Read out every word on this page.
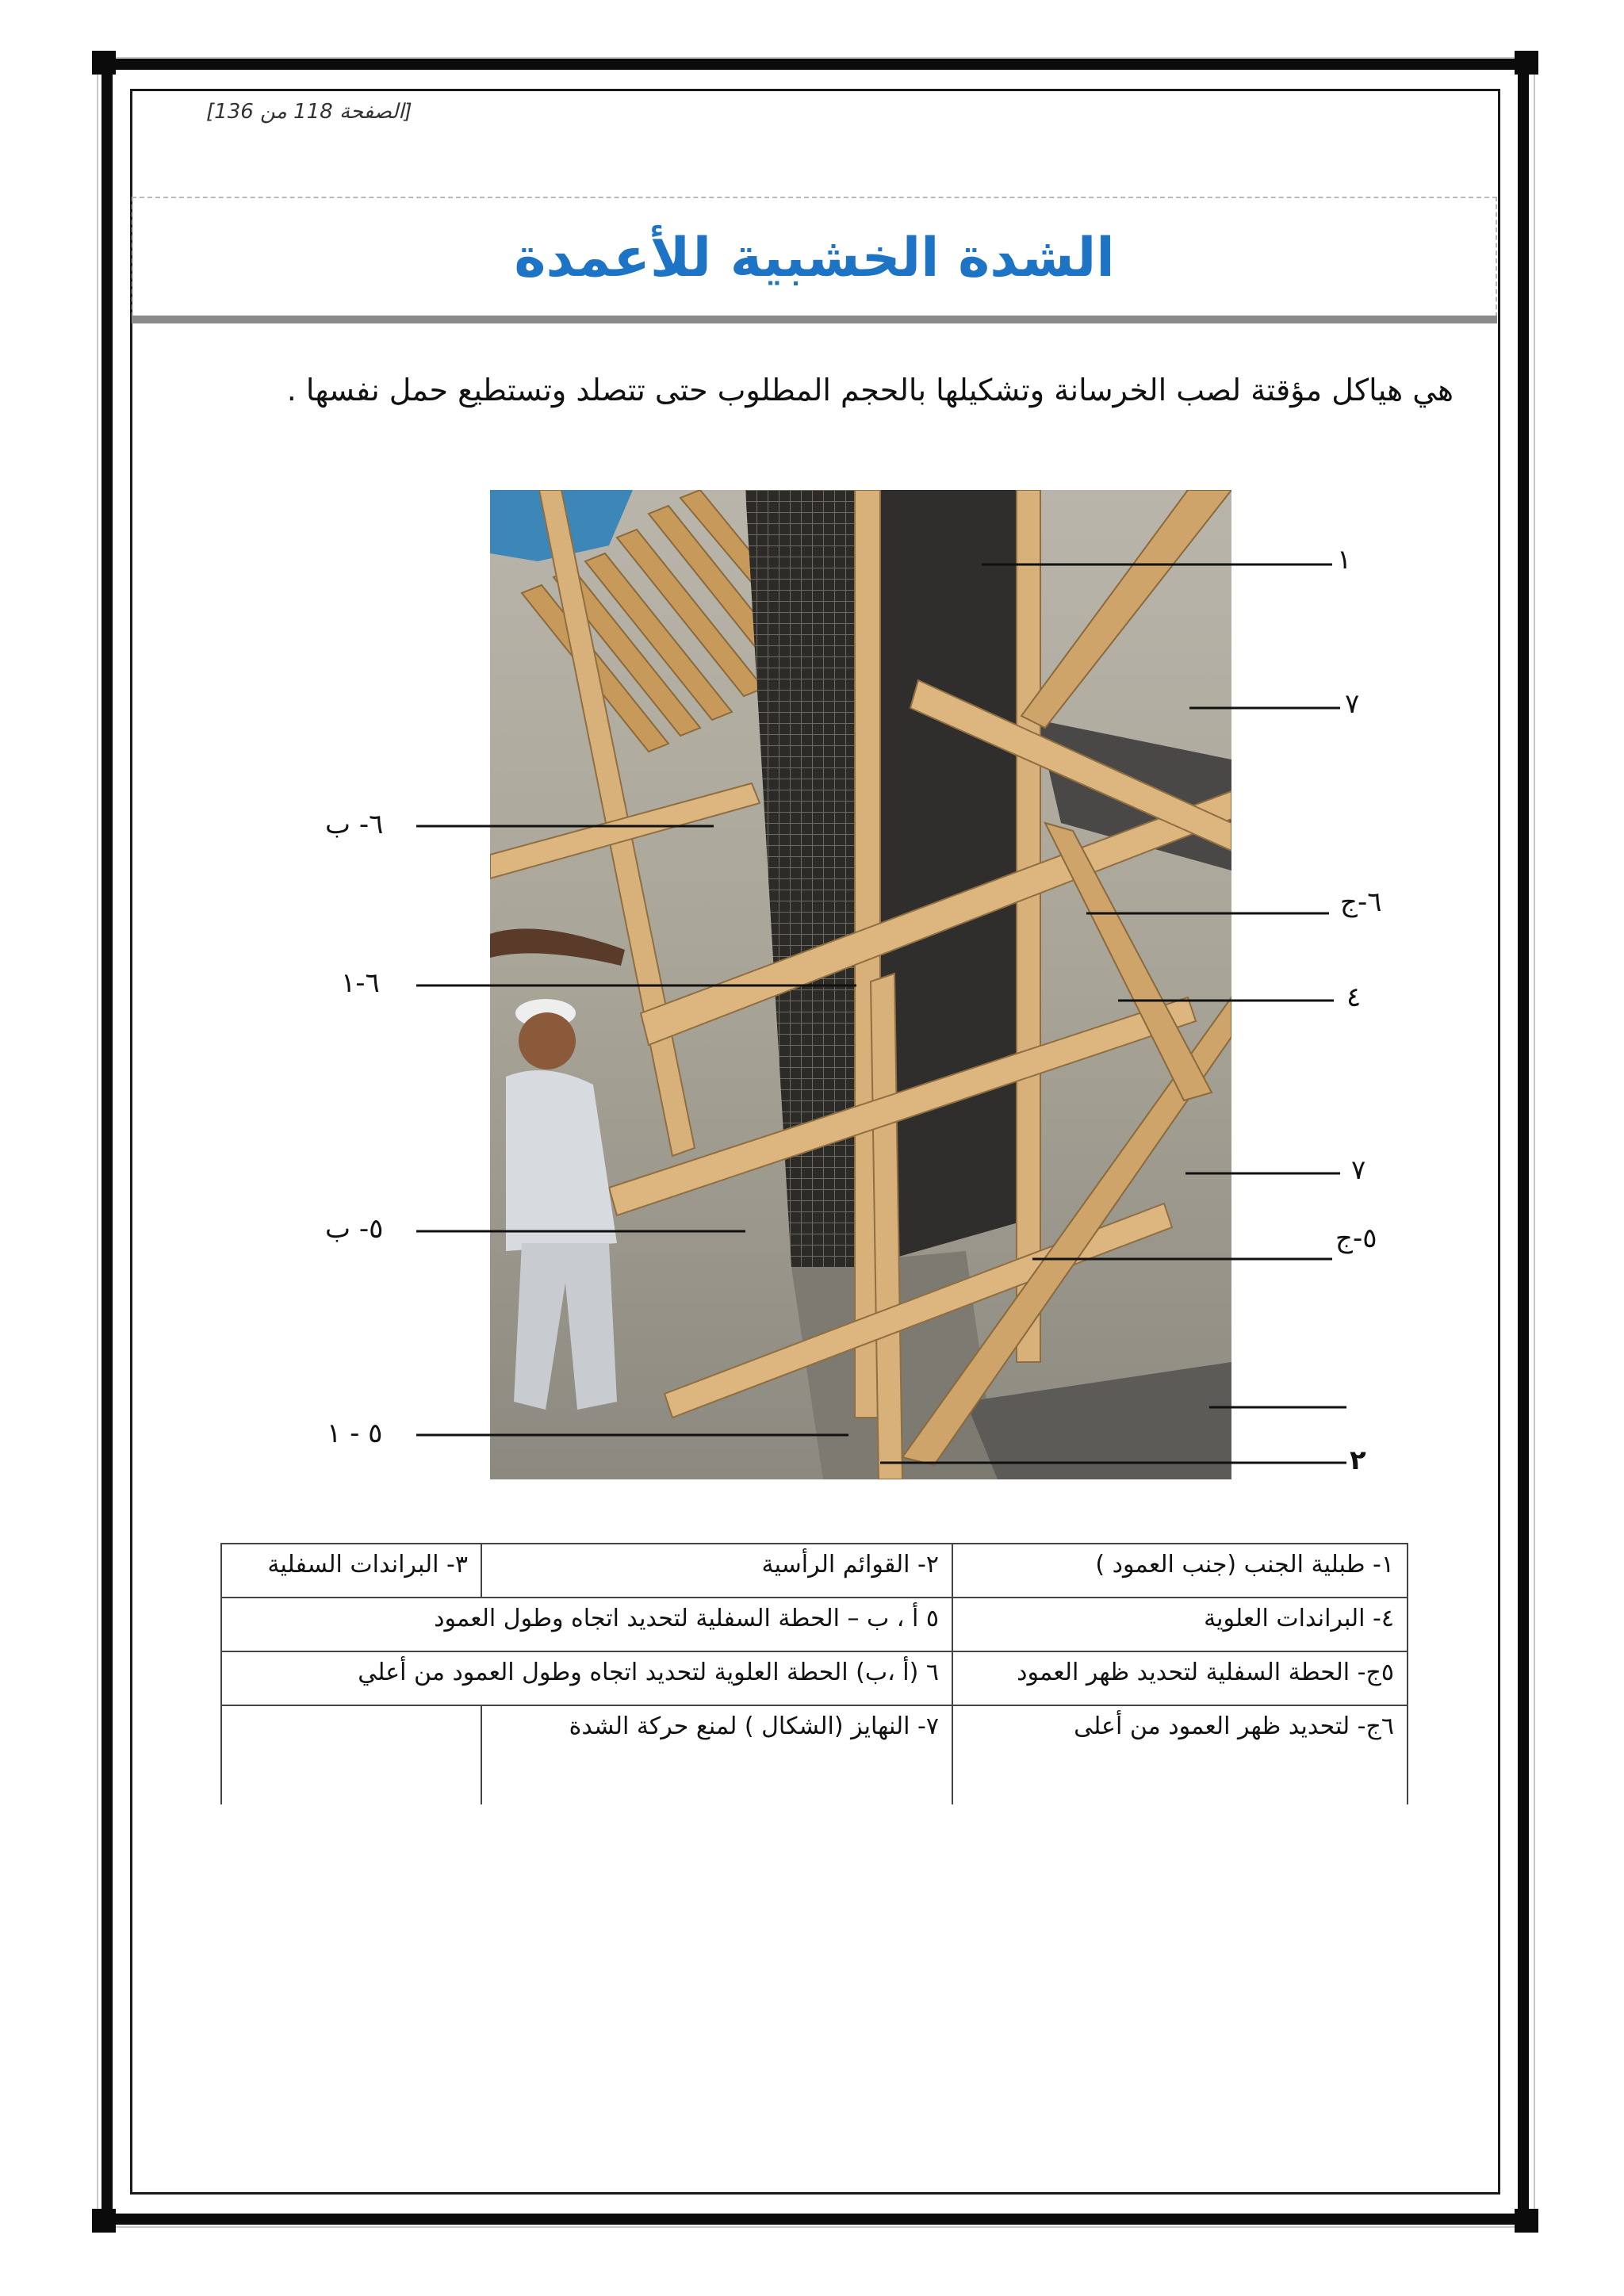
[الصفحة 118 من 136]
الشدة الخشبية للأعمدة
هي هياكل مؤقتة لصب الخرسانة وتشكيلها بالحجم المطلوب حتى تتصلد وتستطيع حمل نفسها .
١
٧
٦- ب
٦-ج
٦-١	٤
٧
٥- ب	٥-ج
٥ - ١
٢
١- طبلية الجنب (جنب العمود )	٢- القوائم الرأسية	٣- البراندات السفلية
٤- البراندات العلوية	٥ أ ، ب – الحطة السفلية لتحديد اتجاه وطول العمود	
٥ج- الحطة السفلية لتحديد ظهر العمود	٦ (أ ،ب) الحطة العلوية لتحديد اتجاه وطول العمود من أعلي	
٦ج- لتحديد ظهر العمود من أعلى	٧- النهايز (الشكال ) لمنع حركة الشدة	
